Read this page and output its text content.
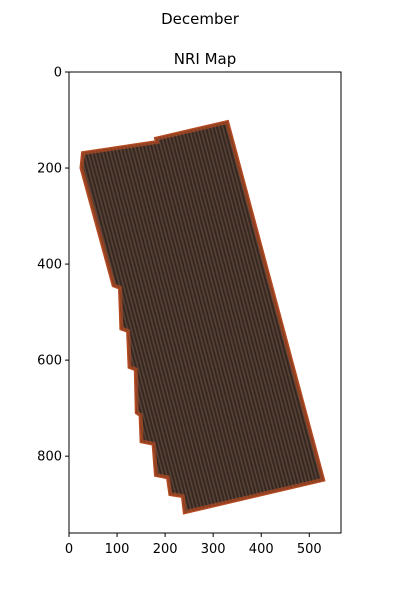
December
NRI Map
0 100 200 300 400 500
0
200
400
600
800
